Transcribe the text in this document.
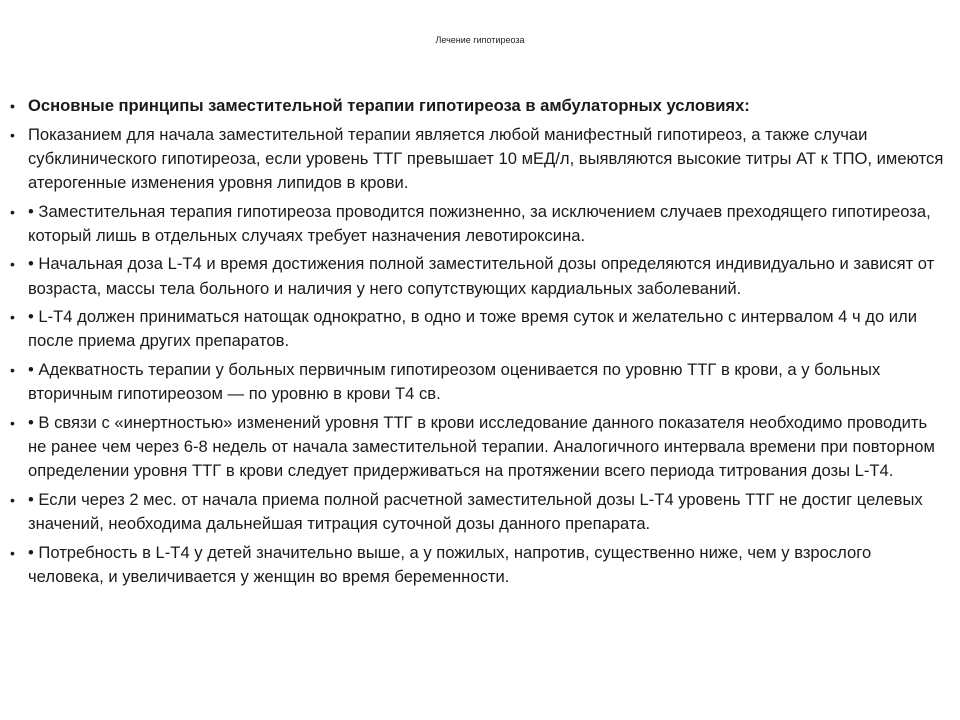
Лечение гипотиреоза
• Основные принципы заместительной терапии гипотиреоза в амбулаторных условиях:
• Показанием для начала заместительной терапии является любой манифестный гипотиреоз, а также случаи субклинического гипотиреоза, если уровень ТТГ превышает 10 мЕД/л, выявляются высокие титры АТ к ТПО, имеются атерогенные изменения уровня липидов в крови.
• • Заместительная терапия гипотиреоза проводится пожизненно, за исключением случаев преходящего гипотиреоза, который лишь в отдельных случаях требует назначения левотироксина.
• • Начальная доза L-T4 и время достижения полной заместительной дозы определяются индивидуально и зависят от возраста, массы тела больного и наличия у него сопутствующих кардиальных заболеваний.
• • L-T4 должен приниматься натощак однократно, в одно и тоже время суток и желательно с интервалом 4 ч до или после приема других препаратов.
• • Адекватность терапии у больных первичным гипотиреозом оценивается по уровню ТТГ в крови, а у больных вторичным гипотиреозом — по уровню в крови Т4 св.
• • В связи с «инертностью» изменений уровня ТТГ в крови исследование данного показателя необходимо проводить не ранее чем через 6-8 недель от начала заместительной терапии. Аналогичного интервала времени при повторном определении уровня ТТГ в крови следует придерживаться на протяжении всего периода титрования дозы L-T4.
• • Если через 2 мес. от начала приема полной расчетной заместительной дозы L-T4 уровень ТТГ не достиг целевых значений, необходима дальнейшая титрация суточной дозы данного препарата.
• • Потребность в L-T4 у детей значительно выше, а у пожилых, напротив, существенно ниже, чем у взрослого человека, и увеличивается у женщин во время беременности.
